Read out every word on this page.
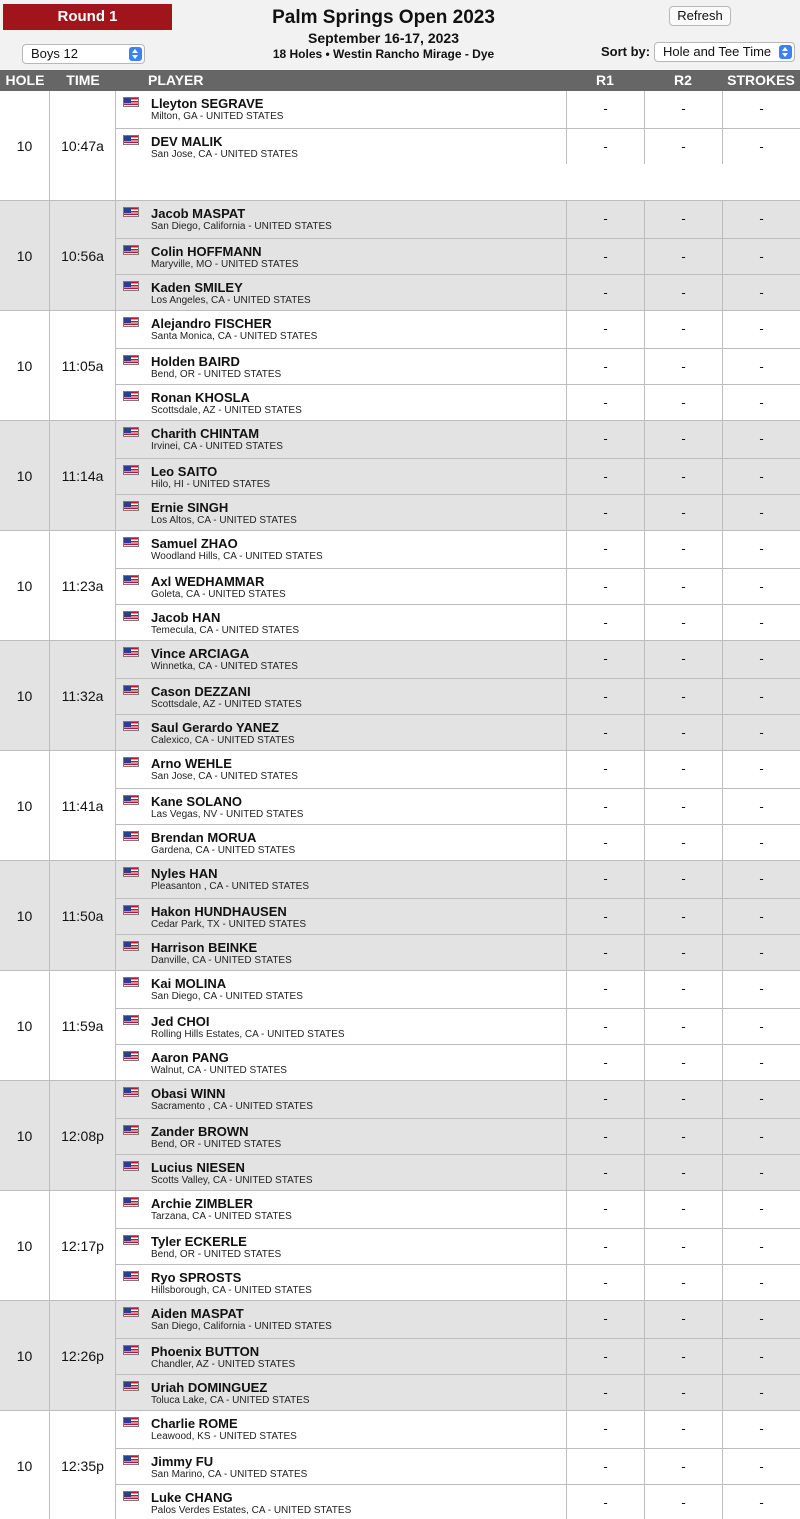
Round 1
Boys 12
Palm Springs Open 2023
September 16-17, 2023
18 Holes • Westin Rancho Mirage - Dye
Refresh
Sort by: Hole and Tee Time
HOLE	TIME	PLAYER	R1	R2	STROKES
10	10:47a
Lleyton SEGRAVE
Milton, GA - UNITED STATES
-	-	-
DEV MALIK
San Jose, CA - UNITED STATES
-	-	-
10	10:56a
Jacob MASPAT
San Diego, California - UNITED STATES
-	-	-
Colin HOFFMANN
Maryville, MO - UNITED STATES
-	-	-
Kaden SMILEY
Los Angeles, CA - UNITED STATES
-	-	-
10	11:05a
Alejandro FISCHER
Santa Monica, CA - UNITED STATES
-	-	-
Holden BAIRD
Bend, OR - UNITED STATES
-	-	-
Ronan KHOSLA
Scottsdale, AZ - UNITED STATES
-	-	-
10	11:14a
Charith CHINTAM
Irvinei, CA - UNITED STATES
-	-	-
Leo SAITO
Hilo, HI - UNITED STATES
-	-	-
Ernie SINGH
Los Altos, CA - UNITED STATES
-	-	-
10	11:23a
Samuel ZHAO
Woodland Hills, CA - UNITED STATES
-	-	-
Axl WEDHAMMAR
Goleta, CA - UNITED STATES
-	-	-
Jacob HAN
Temecula, CA - UNITED STATES
-	-	-
10	11:32a
Vince ARCIAGA
Winnetka, CA - UNITED STATES
-	-	-
Cason DEZZANI
Scottsdale, AZ - UNITED STATES
-	-	-
Saul Gerardo YANEZ
Calexico, CA - UNITED STATES
-	-	-
10	11:41a
Arno WEHLE
San Jose, CA - UNITED STATES
-	-	-
Kane SOLANO
Las Vegas, NV - UNITED STATES
-	-	-
Brendan MORUA
Gardena, CA - UNITED STATES
-	-	-
10	11:50a
Nyles HAN
Pleasanton , CA - UNITED STATES
-	-	-
Hakon HUNDHAUSEN
Cedar Park, TX - UNITED STATES
-	-	-
Harrison BEINKE
Danville, CA - UNITED STATES
-	-	-
10	11:59a
Kai MOLINA
San Diego, CA - UNITED STATES
-	-	-
Jed CHOI
Rolling Hills Estates, CA - UNITED STATES
-	-	-
Aaron PANG
Walnut, CA - UNITED STATES
-	-	-
10	12:08p
Obasi WINN
Sacramento , CA - UNITED STATES
-	-	-
Zander BROWN
Bend, OR - UNITED STATES
-	-	-
Lucius NIESEN
Scotts Valley, CA - UNITED STATES
-	-	-
10	12:17p
Archie ZIMBLER
Tarzana, CA - UNITED STATES
-	-	-
Tyler ECKERLE
Bend, OR - UNITED STATES
-	-	-
Ryo SPROSTS
Hillsborough, CA - UNITED STATES
-	-	-
10	12:26p
Aiden MASPAT
San Diego, California - UNITED STATES
-	-	-
Phoenix BUTTON
Chandler, AZ - UNITED STATES
-	-	-
Uriah DOMINGUEZ
Toluca Lake, CA - UNITED STATES
-	-	-
10	12:35p
Charlie ROME
Leawood, KS - UNITED STATES
-	-	-
Jimmy FU
San Marino, CA - UNITED STATES
-	-	-
Luke CHANG
Palos Verdes Estates, CA - UNITED STATES
-	-	-
